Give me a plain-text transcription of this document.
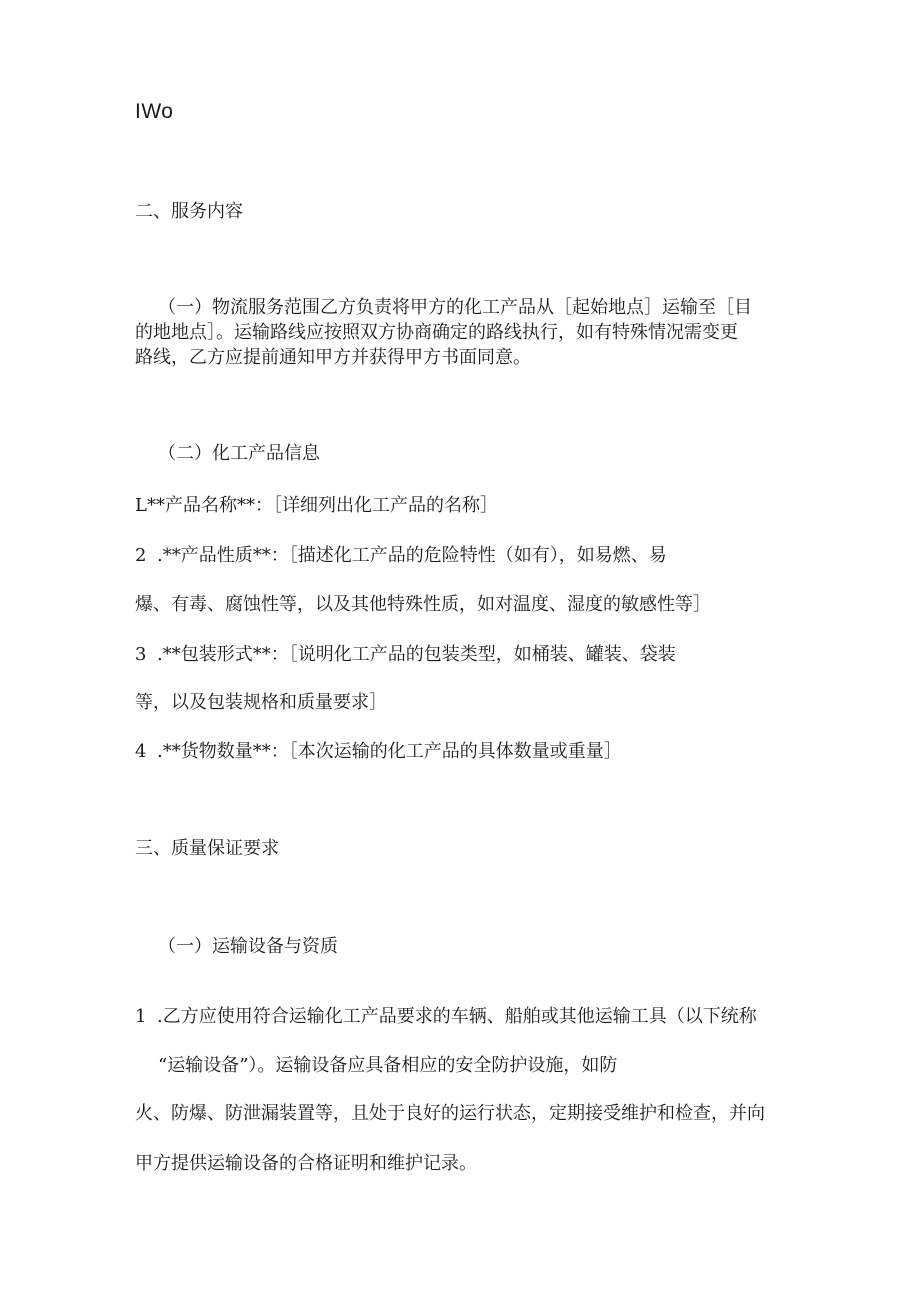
IWo
二、服务内容
（一）物流服务范围乙方负责将甲方的化工产品从［起始地点］运输至［目
的地地点］。运输路线应按照双方协商确定的路线执行，如有特殊情况需变更
路线，乙方应提前通知甲方并获得甲方书面同意。
（二）化工产品信息
L**产品名称**：［详细列出化工产品的名称］
2 .**产品性质**：［描述化工产品的危险特性（如有），如易燃、易
爆、有毒、腐蚀性等，以及其他特殊性质，如对温度、湿度的敏感性等］
3 .**包装形式**：［说明化工产品的包装类型，如桶装、罐装、袋装
等，以及包装规格和质量要求］
4 .**货物数量**：［本次运输的化工产品的具体数量或重量］
三、质量保证要求
（一）运输设备与资质
1 .乙方应使用符合运输化工产品要求的车辆、船舶或其他运输工具（以下统称
“运输设备”）。运输设备应具备相应的安全防护设施，如防
火、防爆、防泄漏装置等，且处于良好的运行状态，定期接受维护和检查，并向
甲方提供运输设备的合格证明和维护记录。
